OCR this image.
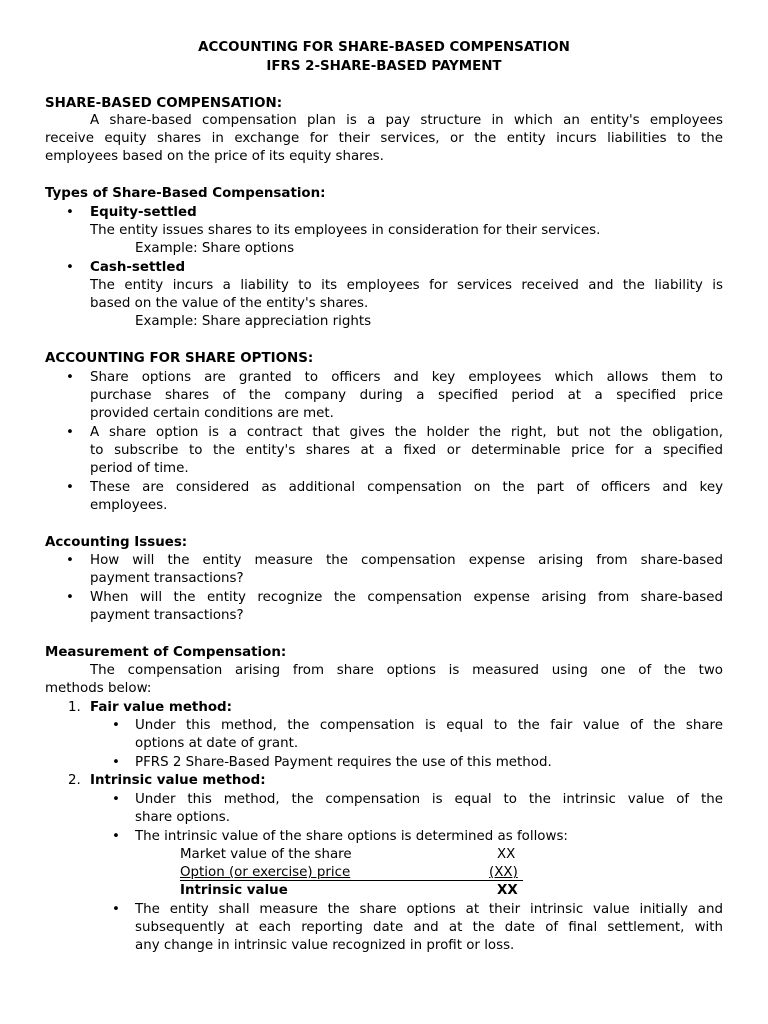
ACCOUNTING FOR SHARE-BASED COMPENSATION
IFRS 2-SHARE-BASED PAYMENT
SHARE-BASED COMPENSATION:
A share-based compensation plan is a pay structure in which an entity's employees
receive equity shares in exchange for their services, or the entity incurs liabilities to the
employees based on the price of its equity shares.
Types of Share-Based Compensation:
• Equity-settled
The entity issues shares to its employees in consideration for their services.
Example: Share options
• Cash-settled
The entity incurs a liability to its employees for services received and the liability is
based on the value of the entity's shares.
Example: Share appreciation rights
ACCOUNTING FOR SHARE OPTIONS:
• Share options are granted to officers and key employees which allows them to
purchase shares of the company during a specified period at a specified price
provided certain conditions are met.
• A share option is a contract that gives the holder the right, but not the obligation,
to subscribe to the entity's shares at a fixed or determinable price for a specified
period of time.
• These are considered as additional compensation on the part of officers and key
employees.
Accounting Issues:
• How will the entity measure the compensation expense arising from share-based
payment transactions?
• When will the entity recognize the compensation expense arising from share-based
payment transactions?
Measurement of Compensation:
The compensation arising from share options is measured using one of the two
methods below:
1. Fair value method:
• Under this method, the compensation is equal to the fair value of the share
options at date of grant.
• PFRS 2 Share-Based Payment requires the use of this method.
2. Intrinsic value method:
• Under this method, the compensation is equal to the intrinsic value of the
share options.
• The intrinsic value of the share options is determined as follows:
Market value of the share	XX
Option (or exercise) price	(XX)
Intrinsic value	XX
• The entity shall measure the share options at their intrinsic value initially and
subsequently at each reporting date and at the date of final settlement, with
any change in intrinsic value recognized in profit or loss.
